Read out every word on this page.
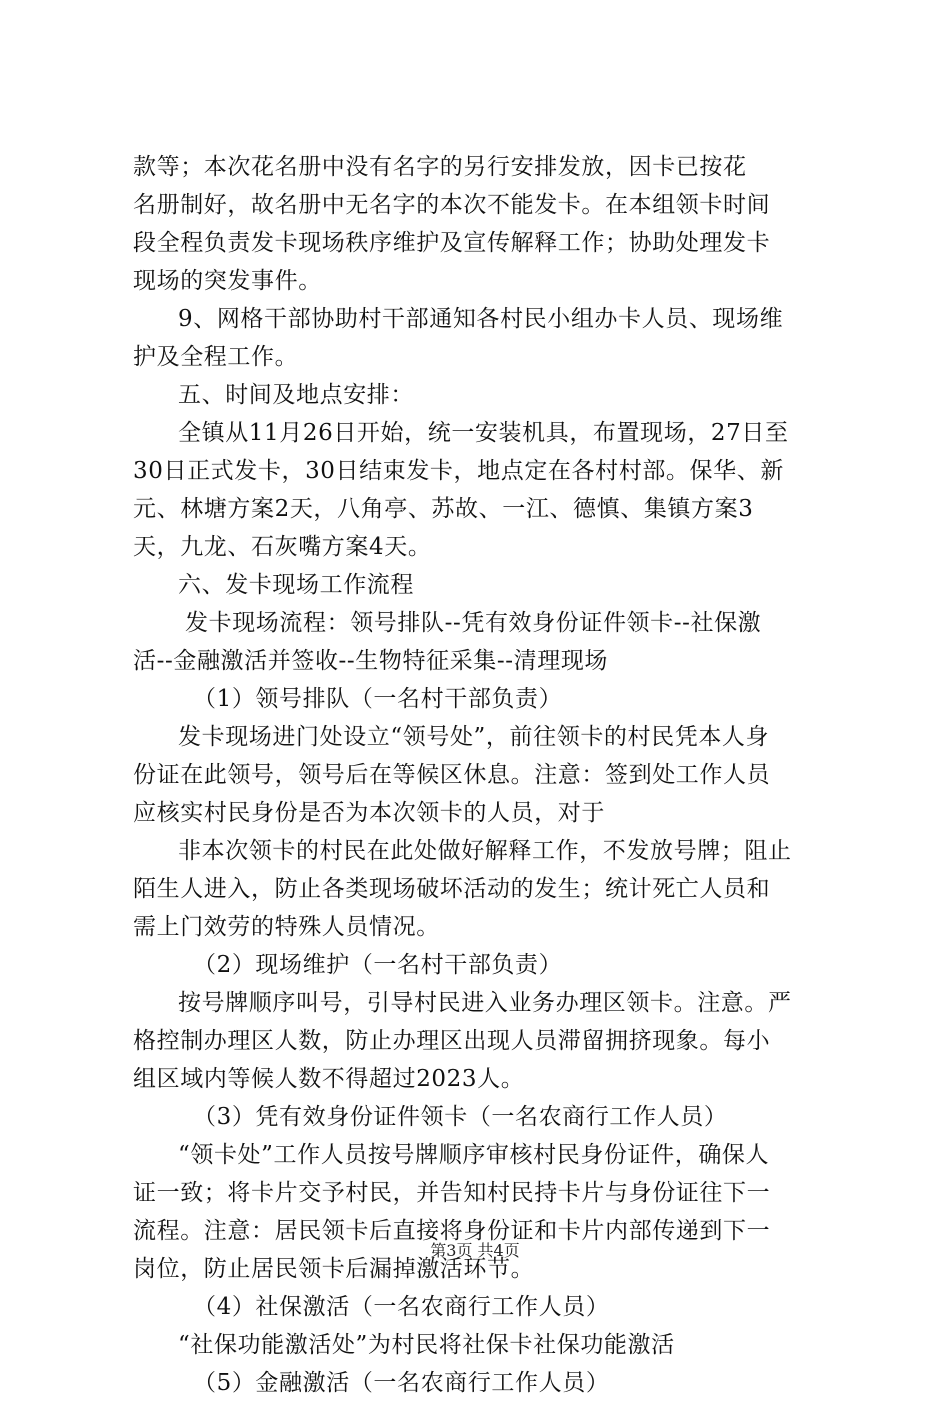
款等；本次花名册中没有名字的另行安排发放，因卡已按花
名册制好，故名册中无名字的本次不能发卡。在本组领卡时间
段全程负责发卡现场秩序维护及宣传解释工作；协助处理发卡
现场的突发事件。
9、网格干部协助村干部通知各村民小组办卡人员、现场维
护及全程工作。
五、时间及地点安排：
全镇从11月26日开始，统一安装机具，布置现场，27日至
30日正式发卡，30日结束发卡，地点定在各村村部。保华、新
元、林塘方案2天，八角亭、苏故、一江、德慎、集镇方案3
天，九龙、石灰嘴方案4天。
六、发卡现场工作流程
发卡现场流程：领号排队--凭有效身份证件领卡--社保激
活--金融激活并签收--生物特征采集--清理现场
（1）领号排队（一名村干部负责）
发卡现场进门处设立“领号处”，前往领卡的村民凭本人身
份证在此领号，领号后在等候区休息。注意：签到处工作人员
应核实村民身份是否为本次领卡的人员，对于
非本次领卡的村民在此处做好解释工作，不发放号牌；阻止
陌生人进入，防止各类现场破坏活动的发生；统计死亡人员和
需上门效劳的特殊人员情况。
（2）现场维护（一名村干部负责）
按号牌顺序叫号，引导村民进入业务办理区领卡。注意。严
格控制办理区人数，防止办理区出现人员滞留拥挤现象。每小
组区域内等候人数不得超过2023人。
（3）凭有效身份证件领卡（一名农商行工作人员）
“领卡处”工作人员按号牌顺序审核村民身份证件，确保人
证一致；将卡片交予村民，并告知村民持卡片与身份证往下一
流程。注意：居民领卡后直接将身份证和卡片内部传递到下一
岗位，防止居民领卡后漏掉激活环节。
（4）社保激活（一名农商行工作人员）
“社保功能激活处”为村民将社保卡社保功能激活
（5）金融激活（一名农商行工作人员）
第3页 共4页
